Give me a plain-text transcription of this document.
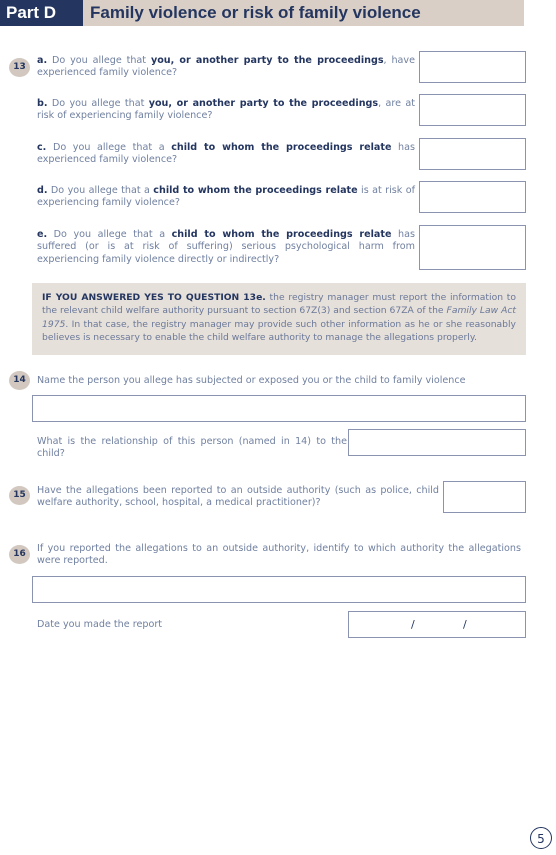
Part D	Family violence or risk of family violence
13
a. Do you allege that you, or another party to the proceedings, have experienced family violence?
b. Do you allege that you, or another party to the proceedings, are at risk of experiencing family violence?
c. Do you allege that a child to whom the proceedings relate has experienced family violence?
d. Do you allege that a child to whom the proceedings relate is at risk of experiencing family violence?
e. Do you allege that a child to whom the proceedings relate has suffered (or is at risk of suffering) serious psychological harm from experiencing family violence directly or indirectly?
IF YOU ANSWERED YES TO QUESTION 13e. the registry manager must report the information to the relevant child welfare authority pursuant to section 67Z(3) and section 67ZA of the Family Law Act 1975. In that case, the registry manager may provide such other information as he or she reasonably believes is necessary to enable the child welfare authority to manage the allegations properly.
14	Name the person you allege has subjected or exposed you or the child to family violence
What is the relationship of this person (named in 14) to the child?
15	Have the allegations been reported to an outside authority (such as police, child welfare authority, school, hospital, a medical practitioner)?
16	If you reported the allegations to an outside authority, identify to which authority the allegations were reported.
Date you made the report	/	/
5
